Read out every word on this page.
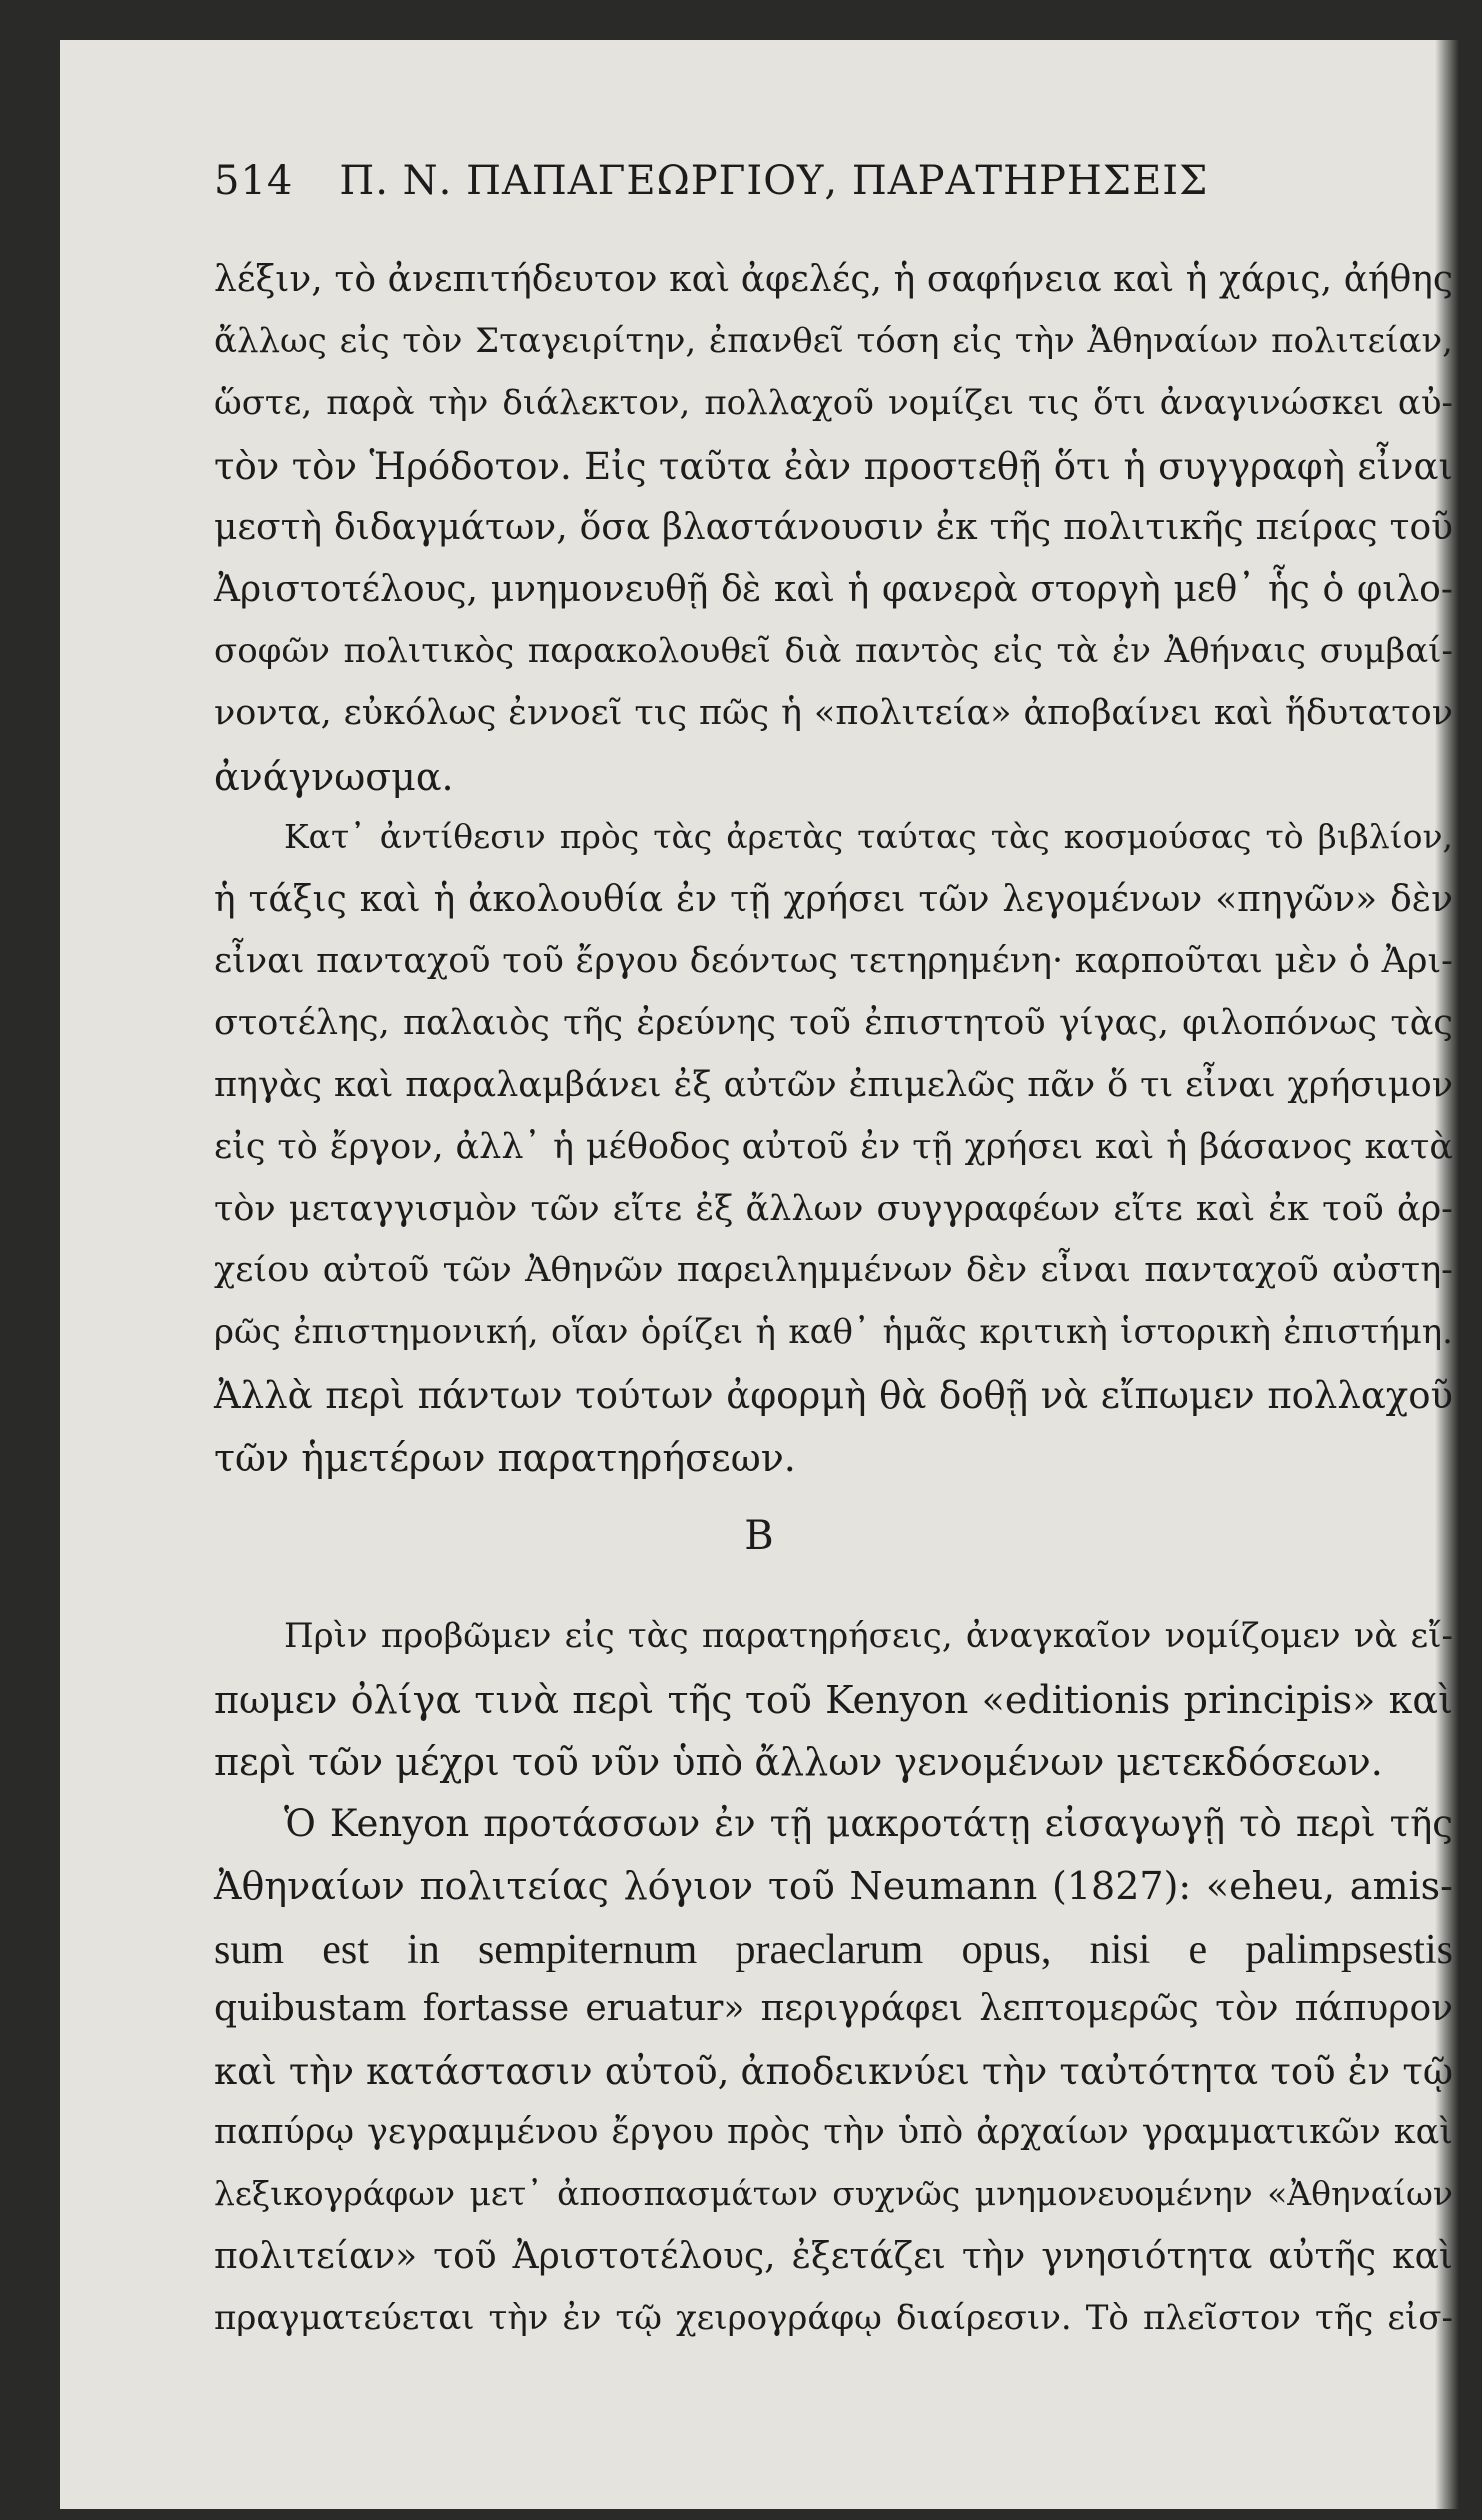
514 Π. Ν. ΠΑΠΑΓΕΩΡΓΙΟΥ, ΠΑΡΑΤΗΡΗΣΕΙΣ
λέξιν, τὸ ἀνεπιτήδευτον καὶ ἀφελές, ἡ σαφήνεια καὶ ἡ χάρις, ἀήθης
ἄλλως εἰς τὸν Σταγειρίτην, ἐπανθεῖ τόση εἰς τὴν Ἀθηναίων πολιτείαν,
ὥστε, παρὰ τὴν διάλεκτον, πολλαχοῦ νομίζει τις ὅτι ἀναγινώσκει αὐ-
τὸν τὸν Ἡρόδοτον. Εἰς ταῦτα ἐὰν προστεθῇ ὅτι ἡ συγγραφὴ εἶναι
μεστὴ διδαγμάτων, ὅσα βλαστάνουσιν ἐκ τῆς πολιτικῆς πείρας τοῦ
Ἀριστοτέλους, μνημονευθῇ δὲ καὶ ἡ φανερὰ στοργὴ μεθ᾿ ἧς ὁ φιλο-
σοφῶν πολιτικὸς παρακολουθεῖ διὰ παντὸς εἰς τὰ ἐν Ἀθήναις συμβαί-
νοντα, εὐκόλως ἐννοεῖ τις πῶς ἡ «πολιτεία» ἀποβαίνει καὶ ἥδυτατον
ἀνάγνωσμα.
Κατ᾿ ἀντίθεσιν πρὸς τὰς ἀρετὰς ταύτας τὰς κοσμούσας τὸ βιβλίον,
ἡ τάξις καὶ ἡ ἀκολουθία ἐν τῇ χρήσει τῶν λεγομένων «πηγῶν» δὲν
εἶναι πανταχοῦ τοῦ ἔργου δεόντως τετηρημένη· καρποῦται μὲν ὁ Ἀρι-
στοτέλης, παλαιὸς τῆς ἐρεύνης τοῦ ἐπιστητοῦ γίγας, φιλοπόνως τὰς
πηγὰς καὶ παραλαμβάνει ἐξ αὐτῶν ἐπιμελῶς πᾶν ὅ τι εἶναι χρήσιμον
εἰς τὸ ἔργον, ἀλλ᾿ ἡ μέθοδος αὐτοῦ ἐν τῇ χρήσει καὶ ἡ βάσανος κατὰ
τὸν μεταγγισμὸν τῶν εἴτε ἐξ ἄλλων συγγραφέων εἴτε καὶ ἐκ τοῦ ἀρ-
χείου αὐτοῦ τῶν Ἀθηνῶν παρειλημμένων δὲν εἶναι πανταχοῦ αὐστη-
ρῶς ἐπιστημονική, οἵαν ὁρίζει ἡ καθ᾿ ἡμᾶς κριτικὴ ἱστορικὴ ἐπιστήμη.
Ἀλλὰ περὶ πάντων τούτων ἀφορμὴ θὰ δοθῇ νὰ εἴπωμεν πολλαχοῦ
τῶν ἡμετέρων παρατηρήσεων.
Β
Πρὶν προβῶμεν εἰς τὰς παρατηρήσεις, ἀναγκαῖον νομίζομεν νὰ εἴ-
πωμεν ὀλίγα τινὰ περὶ τῆς τοῦ Kenyon «editionis principis» καὶ
περὶ τῶν μέχρι τοῦ νῦν ὑπὸ ἄλλων γενομένων μετεκδόσεων.
Ὁ Kenyon προτάσσων ἐν τῇ μακροτάτῃ εἰσαγωγῇ τὸ περὶ τῆς
Ἀθηναίων πολιτείας λόγιον τοῦ Neumann (1827): «eheu, amis-
sum est in sempiternum praeclarum opus, nisi e palimpsestis
quibustam fortasse eruatur» περιγράφει λεπτομερῶς τὸν πάπυρον
καὶ τὴν κατάστασιν αὐτοῦ, ἀποδεικνύει τὴν ταὐτότητα τοῦ ἐν τῷ
παπύρῳ γεγραμμένου ἔργου πρὸς τὴν ὑπὸ ἀρχαίων γραμματικῶν καὶ
λεξικογράφων μετ᾿ ἀποσπασμάτων συχνῶς μνημονευομένην «Ἀθηναίων
πολιτείαν» τοῦ Ἀριστοτέλους, ἐξετάζει τὴν γνησιότητα αὐτῆς καὶ
πραγματεύεται τὴν ἐν τῷ χειρογράφῳ διαίρεσιν. Τὸ πλεῖστον τῆς εἰσ-
